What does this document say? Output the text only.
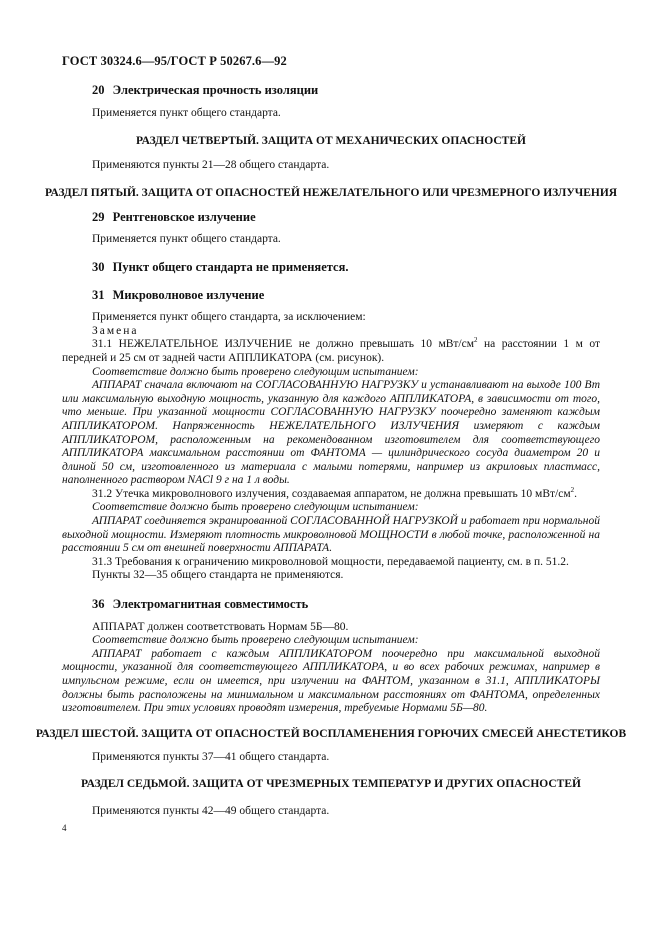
ГОСТ 30324.6—95/ГОСТ Р 50267.6—92
20 Электрическая прочность изоляции

Применяется пункт общего стандарта.

РАЗДЕЛ ЧЕТВЕРТЫЙ. ЗАЩИТА ОТ МЕХАНИЧЕСКИХ ОПАСНОСТЕЙ

Применяются пункты 21—28 общего стандарта.

РАЗДЕЛ ПЯТЫЙ. ЗАЩИТА ОТ ОПАСНОСТЕЙ НЕЖЕЛАТЕЛЬНОГО ИЛИ ЧРЕЗМЕРНОГО ИЗЛУЧЕНИЯ
29 Рентгеновское излучение

Применяется пункт общего стандарта.

30 Пункт общего стандарта не применяется.
31 Микроволновое излучение

Применяется пункт общего стандарта, за исключением:

Замена

31.1 НЕЖЕЛАТЕЛЬНОЕ ИЗЛУЧЕНИЕ не должно превышать 10 мВт/$см^2$ на расстоянии 1 м от передней и 25 см от задней части АППЛИКАТОРА (см. рисунок).

Соответствие должно быть проверено следующим испытанием:

АППАРАТ сначала включают на СОГЛАСОВАННУЮ НАГРУЗКУ и устанавливают на выходе 100 Вт или максимальную выходную мощность, указанную для каждого АППЛИКАТОРА, в зависимости от того, что меньше. При указанной мощности СОГЛАСОВАННУЮ НАГРУЗКУ поочередно заменяют каждым АППЛИКАТОРОМ. Напряженность НЕЖЕЛАТЕЛЬНОГО ИЗЛУЧЕНИЯ измеряют с каждым АППЛИКАТОРОМ, расположенным на рекомендованном изготовителем для соответствующего АППЛИКАТОРА максимальном расстоянии от ФАНТОМА — цилиндрического сосуда диаметром 20 и длиной 50 см, изготовленного из материала с малыми потерями, например из акриловых пластмасс, наполненного раствором NACl 9 г на 1 л воды.

31.2 Утечка микроволнового излучения, создаваемая аппаратом, не должна превышать 10 мВт/$см^2$.

Соответствие должно быть проверено следующим испытанием:

АППАРАТ соединяется экранированной СОГЛАСОВАННОЙ НАГРУЗКОЙ и работает при нормальной выходной мощности. Измеряют плотность микроволновой МОЩНОСТИ в любой точке, расположенной на расстоянии 5 см от внешней поверхности АППАРАТА.

31.3 Требования к ограничению микроволновой мощности, передаваемой пациенту, см. в п. 51.2.

Пункты 32—35 общего стандарта не применяются.

36 Электромагнитная совместимость

АППАРАТ должен соответствовать Нормам 5Б—80.

Соответствие должно быть проверено следующим испытанием:

АППАРАТ работает с каждым АППЛИКАТОРОМ поочередно при максимальной выходной мощности, указанной для соответствующего АППЛИКАТОРА, и во всех рабочих режимах, например в импульсном режиме, если он имеется, при излучении на ФАНТОМ, указанном в 31.1, АППЛИКАТОРЫ должны быть расположены на минимальном и максимальном расстояниях от ФАНТОМА, определенных изготовителем. При этих условиях проводят измерения, требуемые Нормами 5Б—80.

РАЗДЕЛ ШЕСТОЙ. ЗАЩИТА ОТ ОПАСНОСТЕЙ ВОСПЛАМЕНЕНИЯ ГОРЮЧИХ СМЕСЕЙ АНЕСТЕТИКОВ

Применяются пункты 37—41 общего стандарта.

РАЗДЕЛ СЕДЬМОЙ. ЗАЩИТА ОТ ЧРЕЗМЕРНЫХ ТЕМПЕРАТУР И ДРУГИХ ОПАСНОСТЕЙ

Применяются пункты 42—49 общего стандарта.

4
